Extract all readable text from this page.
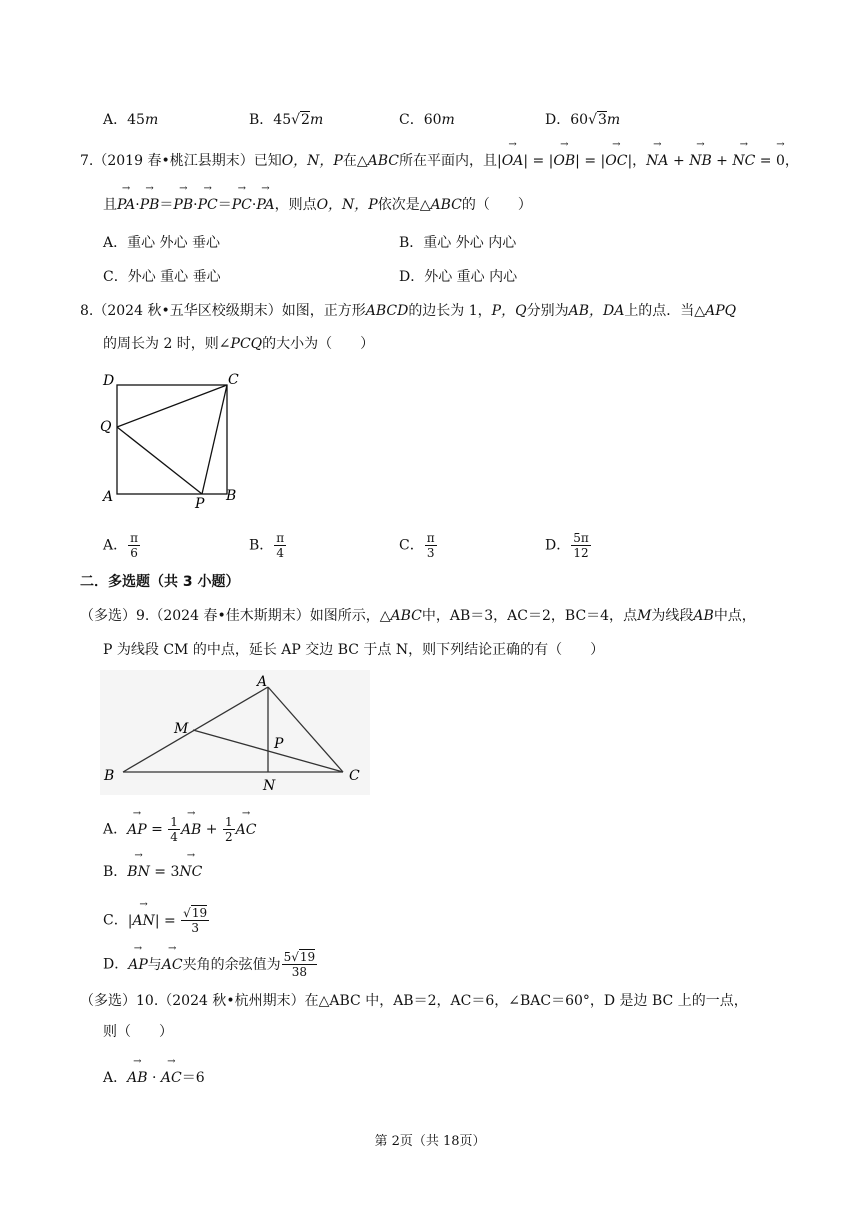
A．45m	B．45√2m	C．60m	D．60√3m
7.（2019 春•桃江县期末）已知O，N，P在△ABC所在平面内，且|→ OA| = |→ OB| = |→ OC|，→ NA + → NB + → NC = → 0，
且→ PA·→ PB＝→ PB·→ PC＝→ PC·→ PA，则点O，N，P依次是△ABC的（　　）
A．重心 外心 垂心	B．重心 外心 内心
C．外心 重心 垂心	D．外心 重心 内心
8.（2024 秋•五华区校级期末）如图，正方形ABCD的边长为 1，P，Q分别为AB，DA上的点．当△APQ
的周长为 2 时，则∠PCQ的大小为（　　）
D	C
Q
A	P B
A． $\frac{\pi}{6}$	B． $\frac{\pi}{4}$	C． $\frac{\pi}{3}$	D． $\frac{5\pi}{12}$
二．多选题（共 3 小题）
（多选）9.（2024 春•佳木斯期末）如图所示，△ABC中，AB＝3，AC＝2，BC＝4，点M为线段AB中点，
P 为线段 CM 的中点，延长 AP 交边 BC 于点 N，则下列结论正确的有（　　）
A
M
P
B
N
C
A．→ AP = $\frac{1}{4}$ → AB + $\frac{1}{2}$ → AC
B．→ BN = 3→ NC
C．|→ $AN| = \frac{√19}{3}$
D．→ AP与→ AC夹角的余弦值为 $\frac{5√19}{38}$
（多选）10.（2024 秋•杭州期末）在△ABC 中，AB＝2，AC＝6，∠BAC＝60°，D 是边 BC 上的一点，
则（　　）
A．→ AB · → AC＝6
第 2页（共 18页）
